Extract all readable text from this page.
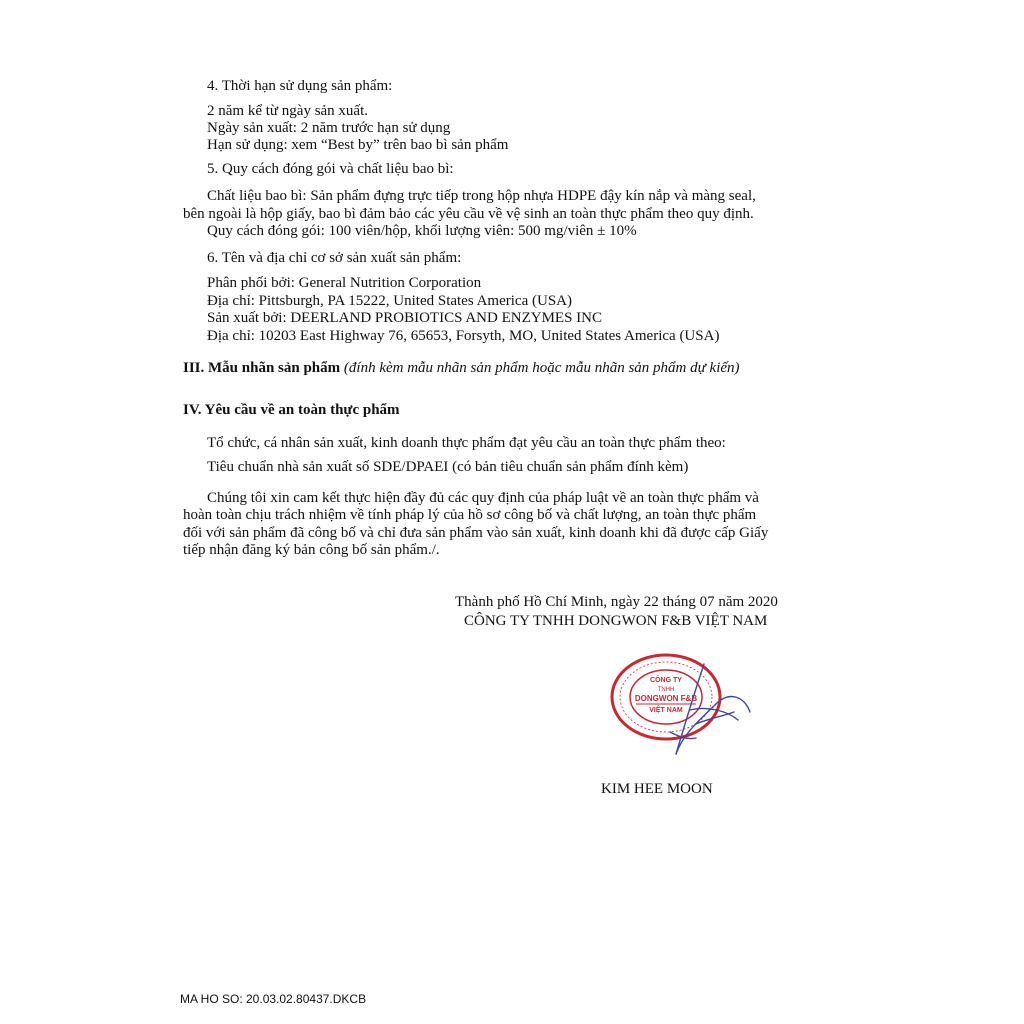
4. Thời hạn sử dụng sản phẩm:

2 năm kể từ ngày sản xuất.

Ngày sản xuất: 2 năm trước hạn sử dụng

Hạn sử dụng: xem “Best by” trên bao bì sản phẩm

5. Quy cách đóng gói và chất liệu bao bì:

Chất liệu bao bì: Sản phẩm đựng trực tiếp trong hộp nhựa HDPE đậy kín nắp và màng seal,

bên ngoài là hộp giấy, bao bì đảm bảo các yêu cầu về vệ sinh an toàn thực phẩm theo quy định.

Quy cách đóng gói: 100 viên/hộp, khối lượng viên: 500 mg/viên ± 10%

6. Tên và địa chỉ cơ sở sản xuất sản phẩm:

Phân phối bởi: General Nutrition Corporation

Địa chỉ: Pittsburgh, PA 15222, United States America (USA)

Sản xuất bởi: DEERLAND PROBIOTICS AND ENZYMES INC

Địa chỉ: 10203 East Highway 76, 65653, Forsyth, MO, United States America (USA)

III. Mẫu nhãn sản phẩm (đính kèm mẫu nhãn sản phẩm hoặc mẫu nhãn sản phẩm dự kiến)

IV. Yêu cầu về an toàn thực phẩm

Tổ chức, cá nhân sản xuất, kinh doanh thực phẩm đạt yêu cầu an toàn thực phẩm theo:

Tiêu chuẩn nhà sản xuất số SDE/DPAEI (có bản tiêu chuẩn sản phẩm đính kèm)

Chúng tôi xin cam kết thực hiện đầy đủ các quy định của pháp luật về an toàn thực phẩm và

hoàn toàn chịu trách nhiệm về tính pháp lý của hồ sơ công bố và chất lượng, an toàn thực phẩm

đối với sản phẩm đã công bố và chỉ đưa sản phẩm vào sản xuất, kinh doanh khi đã được cấp Giấy

tiếp nhận đăng ký bản công bố sản phẩm./.

Thành phố Hồ Chí Minh, ngày 22 tháng 07 năm 2020

CÔNG TY TNHH DONGWON F&B VIỆT NAM

CÔNG TY
TNHH
DONGWON F&B
VIỆT NAM

KIM HEE MOON

MA HO SO: 20.03.02.80437.DKCB
